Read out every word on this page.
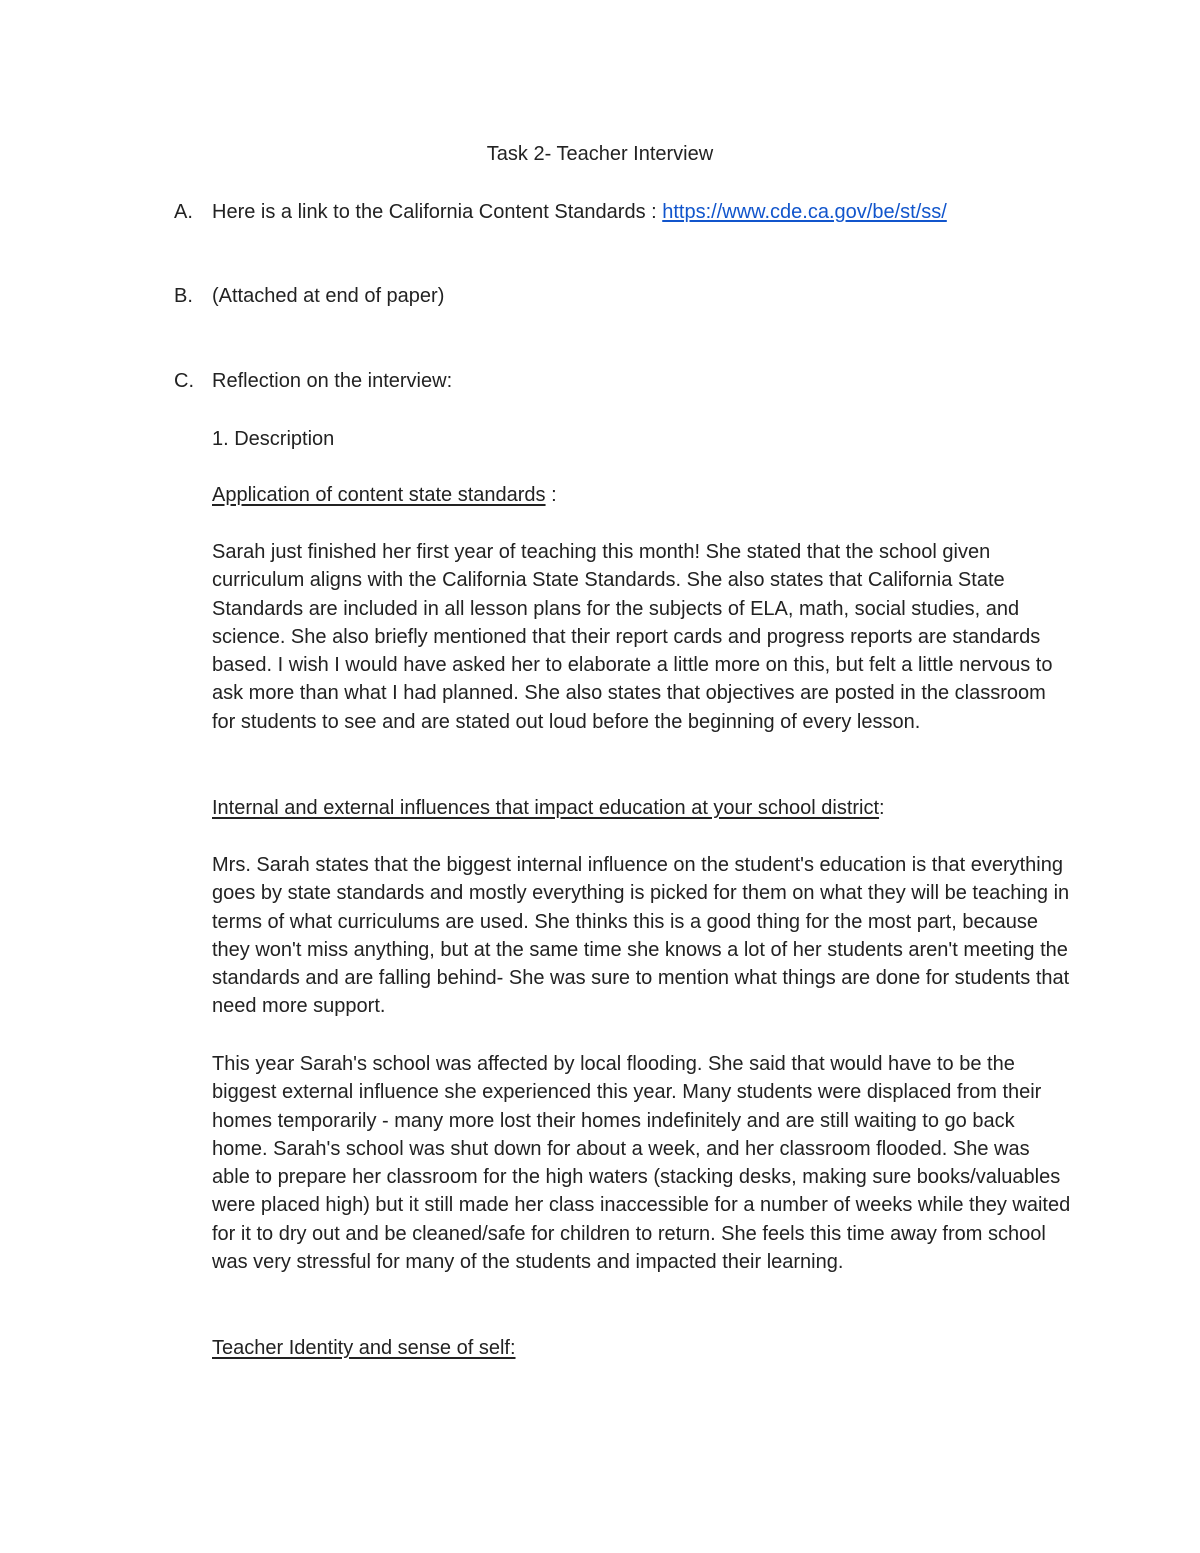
Task 2- Teacher Interview
A. Here is a link to the California Content Standards : https://www.cde.ca.gov/be/st/ss/
B. (Attached at end of paper)
C. Reflection on the interview:
1. Description
Application of content state standards :

Sarah just finished her first year of teaching this month! She stated that the school given curriculum aligns with the California State Standards. She also states that California State Standards are included in all lesson plans for the subjects of ELA, math, social studies, and science. She also briefly mentioned that their report cards and progress reports are standards based. I wish I would have asked her to elaborate a little more on this, but felt a little nervous to ask more than what I had planned. She also states that objectives are posted in the classroom for students to see and are stated out loud before the beginning of every lesson.

Internal and external influences that impact education at your school district:

Mrs. Sarah states that the biggest internal influence on the student's education is that everything goes by state standards and mostly everything is picked for them on what they will be teaching in terms of what curriculums are used. She thinks this is a good thing for the most part, because they won't miss anything, but at the same time she knows a lot of her students aren't meeting the standards and are falling behind- She was sure to mention what things are done for students that need more support.

This year Sarah's school was affected by local flooding. She said that would have to be the biggest external influence she experienced this year. Many students were displaced from their homes temporarily - many more lost their homes indefinitely and are still waiting to go back home. Sarah's school was shut down for about a week, and her classroom flooded. She was able to prepare her classroom for the high waters (stacking desks, making sure books/valuables were placed high) but it still made her class inaccessible for a number of weeks while they waited for it to dry out and be cleaned/safe for children to return. She feels this time away from school was very stressful for many of the students and impacted their learning.

Teacher Identity and sense of self:
